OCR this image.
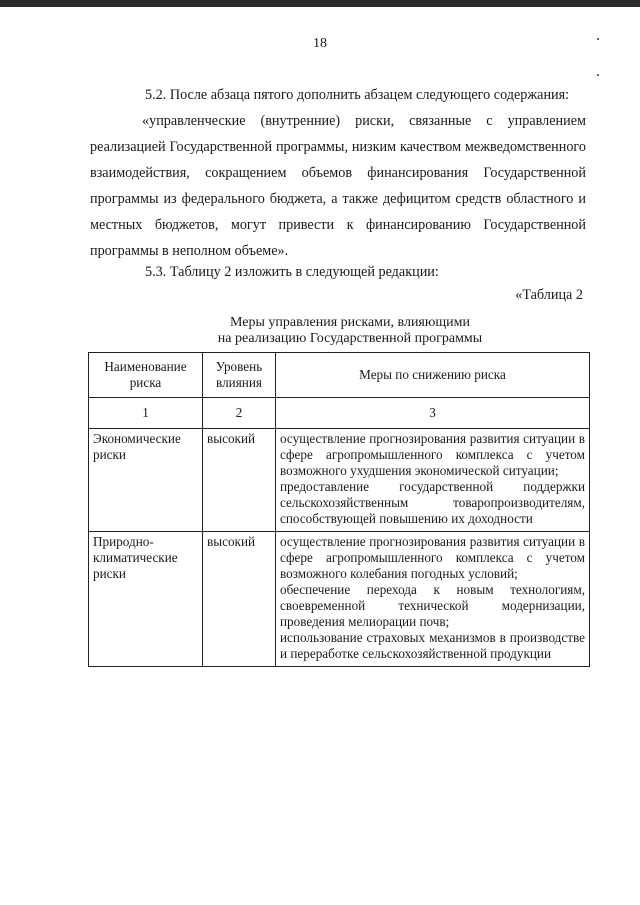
18
5.2. После абзаца пятого дополнить абзацем следующего содержания:
«управленческие (внутренние) риски, связанные с управлением реализацией Государственной программы, низким качеством межведомственного взаимодействия, сокращением объемов финансирования Государственной программы из федерального бюджета, а также дефицитом средств областного и местных бюджетов, могут привести к финансированию Государственной программы в неполном объеме».
5.3. Таблицу 2 изложить в следующей редакции:
«Таблица 2
Меры управления рисками, влияющими
на реализацию Государственной программы
Наименование риска	Уровень влияния	Меры по снижению риска
1	2	3
Экономические риски	высокий	осуществление прогнозирования развития ситуации в сфере агропромышленного комплекса с учетом возможного ухудшения экономической ситуации;
предоставление государственной поддержки сельскохозяйственным товаропроизводителям, способствующей повышению их доходности

Природно-климатические риски	высокий	осуществление прогнозирования развития ситуации в сфере агропромышленного комплекса с учетом возможного колебания погодных условий;
обеспечение перехода к новым технологиям, своевременной технической модернизации, проведения мелиорации почв;
использование страховых механизмов в производстве и переработке сельскохозяйственной продукции
